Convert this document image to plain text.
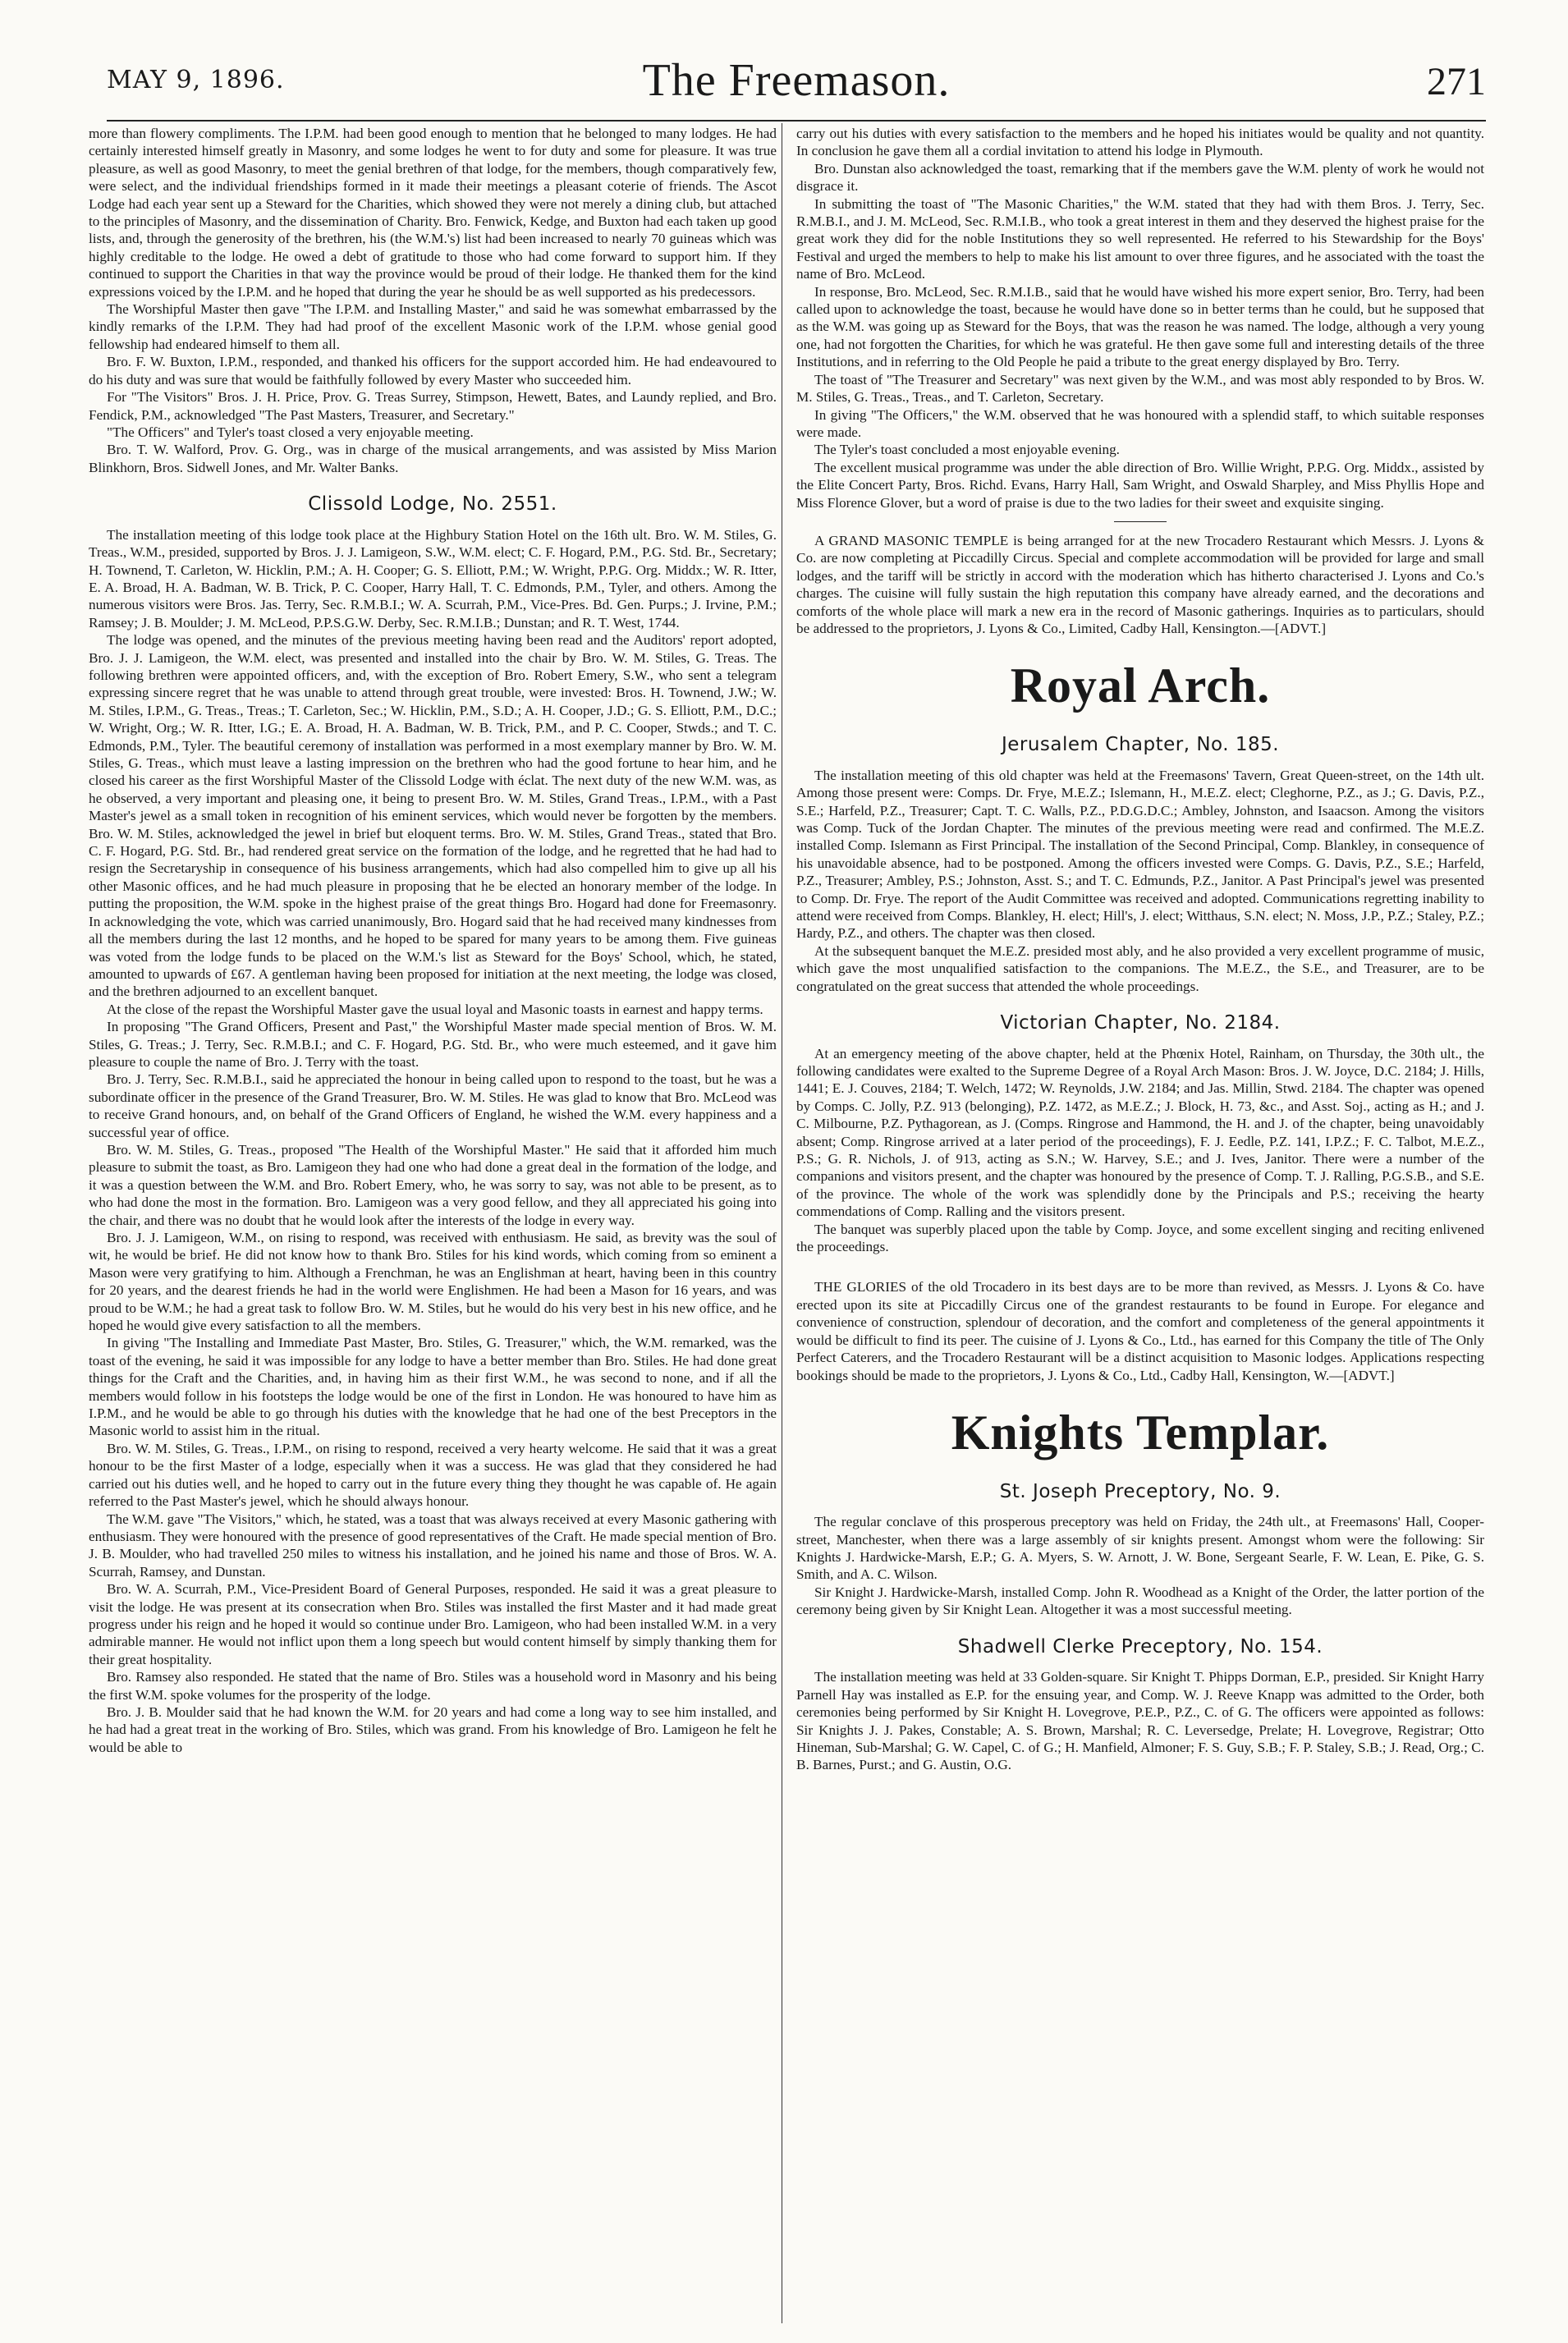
MAY 9, 1896.	The Freemason.	271

more than flowery compliments. The I.P.M. had been good enough to mention that he belonged to many lodges. He had certainly interested himself greatly in Masonry, and some lodges he went to for duty and some for pleasure. It was true pleasure, as well as good Masonry, to meet the genial brethren of that lodge, for the members, though comparatively few, were select, and the individual friendships formed in it made their meetings a pleasant coterie of friends. The Ascot Lodge had each year sent up a Steward for the Charities, which showed they were not merely a dining club, but attached to the principles of Masonry, and the dissemination of Charity. Bro. Fenwick, Kedge, and Buxton had each taken up good lists, and, through the generosity of the brethren, his (the W.M.'s) list had been increased to nearly 70 guineas which was highly creditable to the lodge. He owed a debt of gratitude to those who had come forward to support him. If they continued to support the Charities in that way the province would be proud of their lodge. He thanked them for the kind expressions voiced by the I.P.M. and he hoped that during the year he should be as well supported as his predecessors.

The Worshipful Master then gave "The I.P.M. and Installing Master," and said he was somewhat embarrassed by the kindly remarks of the I.P.M. They had had proof of the excellent Masonic work of the I.P.M. whose genial good fellowship had endeared himself to them all.

Bro. F. W. Buxton, I.P.M., responded, and thanked his officers for the support accorded him. He had endeavoured to do his duty and was sure that would be faithfully followed by every Master who succeeded him.

For "The Visitors" Bros. J. H. Price, Prov. G. Treas Surrey, Stimpson, Hewett, Bates, and Laundy replied, and Bro. Fendick, P.M., acknowledged "The Past Masters, Treasurer, and Secretary."

"The Officers" and Tyler's toast closed a very enjoyable meeting.

Bro. T. W. Walford, Prov. G. Org., was in charge of the musical arrangements, and was assisted by Miss Marion Blinkhorn, Bros. Sidwell Jones, and Mr. Walter Banks.

Clissold Lodge, No. 2551.

The installation meeting of this lodge took place at the Highbury Station Hotel on the 16th ult. Bro. W. M. Stiles, G. Treas., W.M., presided, supported by Bros. J. J. Lamigeon, S.W., W.M. elect; C. F. Hogard, P.M., P.G. Std. Br., Secretary; H. Townend, T. Carleton, W. Hicklin, P.M.; A. H. Cooper; G. S. Elliott, P.M.; W. Wright, P.P.G. Org. Middx.; W. R. Itter, E. A. Broad, H. A. Badman, W. B. Trick, P. C. Cooper, Harry Hall, T. C. Edmonds, P.M., Tyler, and others. Among the numerous visitors were Bros. Jas. Terry, Sec. R.M.B.I.; W. A. Scurrah, P.M., Vice-Pres. Bd. Gen. Purps.; J. Irvine, P.M.; Ramsey; J. B. Moulder; J. M. McLeod, P.P.S.G.W. Derby, Sec. R.M.I.B.; Dunstan; and R. T. West, 1744.

The lodge was opened, and the minutes of the previous meeting having been read and the Auditors' report adopted, Bro. J. J. Lamigeon, the W.M. elect, was presented and installed into the chair by Bro. W. M. Stiles, G. Treas. The following brethren were appointed officers, and, with the exception of Bro. Robert Emery, S.W., who sent a telegram expressing sincere regret that he was unable to attend through great trouble, were invested: Bros. H. Townend, J.W.; W. M. Stiles, I.P.M., G. Treas., Treas.; T. Carleton, Sec.; W. Hicklin, P.M., S.D.; A. H. Cooper, J.D.; G. S. Elliott, P.M., D.C.; W. Wright, Org.; W. R. Itter, I.G.; E. A. Broad, H. A. Badman, W. B. Trick, P.M., and P. C. Cooper, Stwds.; and T. C. Edmonds, P.M., Tyler. The beautiful ceremony of installation was performed in a most exemplary manner by Bro. W. M. Stiles, G. Treas., which must leave a lasting impression on the brethren who had the good fortune to hear him, and he closed his career as the first Worshipful Master of the Clissold Lodge with éclat. The next duty of the new W.M. was, as he observed, a very important and pleasing one, it being to present Bro. W. M. Stiles, Grand Treas., I.P.M., with a Past Master's jewel as a small token in recognition of his eminent services, which would never be forgotten by the members. Bro. W. M. Stiles, acknowledged the jewel in brief but eloquent terms. Bro. W. M. Stiles, Grand Treas., stated that Bro. C. F. Hogard, P.G. Std. Br., had rendered great service on the formation of the lodge, and he regretted that he had had to resign the Secretaryship in consequence of his business arrangements, which had also compelled him to give up all his other Masonic offices, and he had much pleasure in proposing that he be elected an honorary member of the lodge. In putting the proposition, the W.M. spoke in the highest praise of the great things Bro. Hogard had done for Freemasonry. In acknowledging the vote, which was carried unanimously, Bro. Hogard said that he had received many kindnesses from all the members during the last 12 months, and he hoped to be spared for many years to be among them. Five guineas was voted from the lodge funds to be placed on the W.M.'s list as Steward for the Boys' School, which, he stated, amounted to upwards of £67. A gentleman having been proposed for initiation at the next meeting, the lodge was closed, and the brethren adjourned to an excellent banquet.

At the close of the repast the Worshipful Master gave the usual loyal and Masonic toasts in earnest and happy terms.

In proposing "The Grand Officers, Present and Past," the Worshipful Master made special mention of Bros. W. M. Stiles, G. Treas.; J. Terry, Sec. R.M.B.I.; and C. F. Hogard, P.G. Std. Br., who were much esteemed, and it gave him pleasure to couple the name of Bro. J. Terry with the toast.

Bro. J. Terry, Sec. R.M.B.I., said he appreciated the honour in being called upon to respond to the toast, but he was a subordinate officer in the presence of the Grand Treasurer, Bro. W. M. Stiles. He was glad to know that Bro. McLeod was to receive Grand honours, and, on behalf of the Grand Officers of England, he wished the W.M. every happiness and a successful year of office.

Bro. W. M. Stiles, G. Treas., proposed "The Health of the Worshipful Master." He said that it afforded him much pleasure to submit the toast, as Bro. Lamigeon they had one who had done a great deal in the formation of the lodge, and it was a question between the W.M. and Bro. Robert Emery, who, he was sorry to say, was not able to be present, as to who had done the most in the formation. Bro. Lamigeon was a very good fellow, and they all appreciated his going into the chair, and there was no doubt that he would look after the interests of the lodge in every way.

Bro. J. J. Lamigeon, W.M., on rising to respond, was received with enthusiasm. He said, as brevity was the soul of wit, he would be brief. He did not know how to thank Bro. Stiles for his kind words, which coming from so eminent a Mason were very gratifying to him. Although a Frenchman, he was an Englishman at heart, having been in this country for 20 years, and the dearest friends he had in the world were Englishmen. He had been a Mason for 16 years, and was proud to be W.M.; he had a great task to follow Bro. W. M. Stiles, but he would do his very best in his new office, and he hoped he would give every satisfaction to all the members.

In giving "The Installing and Immediate Past Master, Bro. Stiles, G. Treasurer," which, the W.M. remarked, was the toast of the evening, he said it was impossible for any lodge to have a better member than Bro. Stiles. He had done great things for the Craft and the Charities, and, in having him as their first W.M., he was second to none, and if all the members would follow in his footsteps the lodge would be one of the first in London. He was honoured to have him as I.P.M., and he would be able to go through his duties with the knowledge that he had one of the best Preceptors in the Masonic world to assist him in the ritual.

Bro. W. M. Stiles, G. Treas., I.P.M., on rising to respond, received a very hearty welcome. He said that it was a great honour to be the first Master of a lodge, especially when it was a success. He was glad that they considered he had carried out his duties well, and he hoped to carry out in the future every thing they thought he was capable of. He again referred to the Past Master's jewel, which he should always honour.

The W.M. gave "The Visitors," which, he stated, was a toast that was always received at every Masonic gathering with enthusiasm. They were honoured with the presence of good representatives of the Craft. He made special mention of Bro. J. B. Moulder, who had travelled 250 miles to witness his installation, and he joined his name and those of Bros. W. A. Scurrah, Ramsey, and Dunstan.

Bro. W. A. Scurrah, P.M., Vice-President Board of General Purposes, responded. He said it was a great pleasure to visit the lodge. He was present at its consecration when Bro. Stiles was installed the first Master and it had made great progress under his reign and he hoped it would so continue under Bro. Lamigeon, who had been installed W.M. in a very admirable manner. He would not inflict upon them a long speech but would content himself by simply thanking them for their great hospitality.

Bro. Ramsey also responded. He stated that the name of Bro. Stiles was a household word in Masonry and his being the first W.M. spoke volumes for the prosperity of the lodge.

Bro. J. B. Moulder said that he had known the W.M. for 20 years and had come a long way to see him installed, and he had had a great treat in the working of Bro. Stiles, which was grand. From his knowledge of Bro. Lamigeon he felt he would be able to

carry out his duties with every satisfaction to the members and he hoped his initiates would be quality and not quantity. In conclusion he gave them all a cordial invitation to attend his lodge in Plymouth.

Bro. Dunstan also acknowledged the toast, remarking that if the members gave the W.M. plenty of work he would not disgrace it.

In submitting the toast of "The Masonic Charities," the W.M. stated that they had with them Bros. J. Terry, Sec. R.M.B.I., and J. M. McLeod, Sec. R.M.I.B., who took a great interest in them and they deserved the highest praise for the great work they did for the noble Institutions they so well represented. He referred to his Stewardship for the Boys' Festival and urged the members to help to make his list amount to over three figures, and he associated with the toast the name of Bro. McLeod.

In response, Bro. McLeod, Sec. R.M.I.B., said that he would have wished his more expert senior, Bro. Terry, had been called upon to acknowledge the toast, because he would have done so in better terms than he could, but he supposed that as the W.M. was going up as Steward for the Boys, that was the reason he was named. The lodge, although a very young one, had not forgotten the Charities, for which he was grateful. He then gave some full and interesting details of the three Institutions, and in referring to the Old People he paid a tribute to the great energy displayed by Bro. Terry.

The toast of "The Treasurer and Secretary" was next given by the W.M., and was most ably responded to by Bros. W. M. Stiles, G. Treas., Treas., and T. Carleton, Secretary.

In giving "The Officers," the W.M. observed that he was honoured with a splendid staff, to which suitable responses were made.

The Tyler's toast concluded a most enjoyable evening.

The excellent musical programme was under the able direction of Bro. Willie Wright, P.P.G. Org. Middx., assisted by the Elite Concert Party, Bros. Richd. Evans, Harry Hall, Sam Wright, and Oswald Sharpley, and Miss Phyllis Hope and Miss Florence Glover, but a word of praise is due to the two ladies for their sweet and exquisite singing.

A GRAND MASONIC TEMPLE is being arranged for at the new Trocadero Restaurant which Messrs. J. Lyons & Co. are now completing at Piccadilly Circus. Special and complete accommodation will be provided for large and small lodges, and the tariff will be strictly in accord with the moderation which has hitherto characterised J. Lyons and Co.'s charges. The cuisine will fully sustain the high reputation this company have already earned, and the decorations and comforts of the whole place will mark a new era in the record of Masonic gatherings. Inquiries as to particulars, should be addressed to the proprietors, J. Lyons & Co., Limited, Cadby Hall, Kensington.—[ADVT.]

Royal Arch.
Jerusalem Chapter, No. 185.

The installation meeting of this old chapter was held at the Freemasons' Tavern, Great Queen-street, on the 14th ult. Among those present were: Comps. Dr. Frye, M.E.Z.; Islemann, H., M.E.Z. elect; Cleghorne, P.Z., as J.; G. Davis, P.Z., S.E.; Harfeld, P.Z., Treasurer; Capt. T. C. Walls, P.Z., P.D.G.D.C.; Ambley, Johnston, and Isaacson. Among the visitors was Comp. Tuck of the Jordan Chapter. The minutes of the previous meeting were read and confirmed. The M.E.Z. installed Comp. Islemann as First Principal. The installation of the Second Principal, Comp. Blankley, in consequence of his unavoidable absence, had to be postponed. Among the officers invested were Comps. G. Davis, P.Z., S.E.; Harfeld, P.Z., Treasurer; Ambley, P.S.; Johnston, Asst. S.; and T. C. Edmunds, P.Z., Janitor. A Past Principal's jewel was presented to Comp. Dr. Frye. The report of the Audit Committee was received and adopted. Communications regretting inability to attend were received from Comps. Blankley, H. elect; Hill's, J. elect; Witthaus, S.N. elect; N. Moss, J.P., P.Z.; Staley, P.Z.; Hardy, P.Z., and others. The chapter was then closed.

At the subsequent banquet the M.E.Z. presided most ably, and he also provided a very excellent programme of music, which gave the most unqualified satisfaction to the companions. The M.E.Z., the S.E., and Treasurer, are to be congratulated on the great success that attended the whole proceedings.

Victorian Chapter, No. 2184.

At an emergency meeting of the above chapter, held at the Phœnix Hotel, Rainham, on Thursday, the 30th ult., the following candidates were exalted to the Supreme Degree of a Royal Arch Mason: Bros. J. W. Joyce, D.C. 2184; J. Hills, 1441; E. J. Couves, 2184; T. Welch, 1472; W. Reynolds, J.W. 2184; and Jas. Millin, Stwd. 2184. The chapter was opened by Comps. C. Jolly, P.Z. 913 (belonging), P.Z. 1472, as M.E.Z.; J. Block, H. 73, &c., and Asst. Soj., acting as H.; and J. C. Milbourne, P.Z. Pythagorean, as J. (Comps. Ringrose and Hammond, the H. and J. of the chapter, being unavoidably absent; Comp. Ringrose arrived at a later period of the proceedings), F. J. Eedle, P.Z. 141, I.P.Z.; F. C. Talbot, M.E.Z., P.S.; G. R. Nichols, J. of 913, acting as S.N.; W. Harvey, S.E.; and J. Ives, Janitor. There were a number of the companions and visitors present, and the chapter was honoured by the presence of Comp. T. J. Ralling, P.G.S.B., and S.E. of the province. The whole of the work was splendidly done by the Principals and P.S.; receiving the hearty commendations of Comp. Ralling and the visitors present.

The banquet was superbly placed upon the table by Comp. Joyce, and some excellent singing and reciting enlivened the proceedings.

THE GLORIES of the old Trocadero in its best days are to be more than revived, as Messrs. J. Lyons & Co. have erected upon its site at Piccadilly Circus one of the grandest restaurants to be found in Europe. For elegance and convenience of construction, splendour of decoration, and the comfort and completeness of the general appointments it would be difficult to find its peer. The cuisine of J. Lyons & Co., Ltd., has earned for this Company the title of The Only Perfect Caterers, and the Trocadero Restaurant will be a distinct acquisition to Masonic lodges. Applications respecting bookings should be made to the proprietors, J. Lyons & Co., Ltd., Cadby Hall, Kensington, W.—[ADVT.]

Knights Templar.
St. Joseph Preceptory, No. 9.

The regular conclave of this prosperous preceptory was held on Friday, the 24th ult., at Freemasons' Hall, Cooper-street, Manchester, when there was a large assembly of sir knights present. Amongst whom were the following: Sir Knights J. Hardwicke-Marsh, E.P.; G. A. Myers, S. W. Arnott, J. W. Bone, Sergeant Searle, F. W. Lean, E. Pike, G. S. Smith, and A. C. Wilson.

Sir Knight J. Hardwicke-Marsh, installed Comp. John R. Woodhead as a Knight of the Order, the latter portion of the ceremony being given by Sir Knight Lean. Altogether it was a most successful meeting.

Shadwell Clerke Preceptory, No. 154.

The installation meeting was held at 33 Golden-square. Sir Knight T. Phipps Dorman, E.P., presided. Sir Knight Harry Parnell Hay was installed as E.P. for the ensuing year, and Comp. W. J. Reeve Knapp was admitted to the Order, both ceremonies being performed by Sir Knight H. Lovegrove, P.E.P., P.Z., C. of G. The officers were appointed as follows: Sir Knights J. J. Pakes, Constable; A. S. Brown, Marshal; R. C. Leversedge, Prelate; H. Lovegrove, Registrar; Otto Hineman, Sub-Marshal; G. W. Capel, C. of G.; H. Manfield, Almoner; F. S. Guy, S.B.; F. P. Staley, S.B.; J. Read, Org.; C. B. Barnes, Purst.; and G. Austin, O.G.
